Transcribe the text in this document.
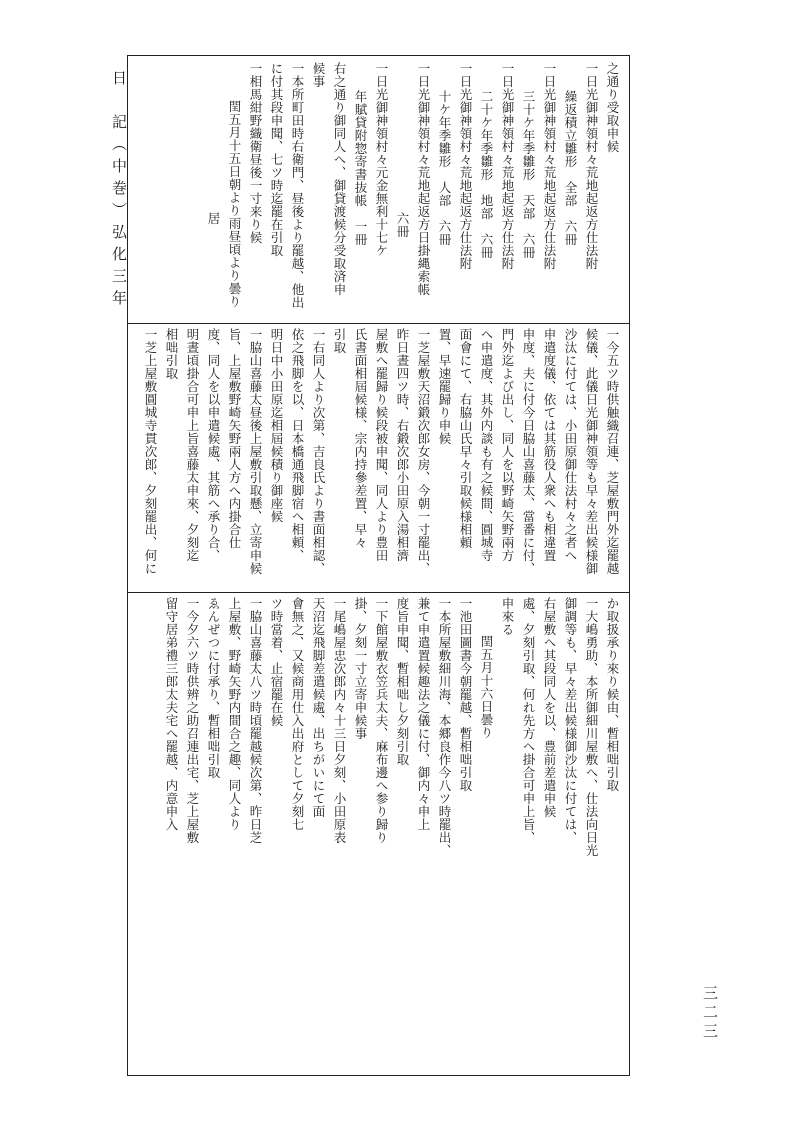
日　記（中巻）弘化三年
三二三
之通り受取申候
一日光御神領村々荒地起返方仕法附
繰返積立雛形　全部　六冊
一日光御神領村々荒地起返方仕法附
三十ケ年季雛形　天部　六冊
一日光御神領村々荒地起返方仕法附
二十ケ年季雛形　地部　六冊
一日光御神領村々荒地起返方仕法附
十ケ年季雛形　人部　六冊
一日光御神領村々荒地起返方日掛縄索帳
六冊
一日光御神領村々元金無利十七ケ
年賦貸附惣寄書抜帳　一冊
右之通り御同人へ、御貸渡候分受取済申
候事
一本所町田時右衛門、昼後より罷越、他出
に付其段申聞、七ツ時迄罷在引取
一相馬紺野織衛昼後一寸来り候
閏五月十五日朝より雨昼頃より曇り
居
一今五ツ時供触織召連、芝屋敷門外迄罷越
候儀、此儀日光御神領等も早々差出候様御
沙汰に付ては、小田原御仕法村々之者へ
申遣度儀、依ては其筋役人衆へも相違置
申度、夫に付今日脇山喜藤太、當番に付、
門外迄よび出し、同人を以野崎矢野兩方
へ申遣度、其外内談も有之候間、圓城寺
面會にて、右脇山氏早々引取候様相頼
置、早速罷歸り申候
一芝屋敷天沼鍛次郎女房、今朝一寸罷出、
昨日晝四ツ時、右鍛次郎小田原入湯相濟
屋敷へ罷歸り候段被申聞、同人より豊田
氏書面相屆候様、宗内持參差置、早々
引取
一右同人より次第、吉良氏より書面相認、
依之飛脚を以、日本橋通飛脚宿へ相頼、
明日中小田原迄相屆候積り御座候
一脇山喜藤太昼後上屋敷引取懸、立寄申候
旨、上屋敷野崎矢野兩人方へ内掛合仕
度、同人を以申遣候處、其筋へ承り合、
明晝頃掛合可申上旨喜藤太申來、夕刻迄
相咄引取
一芝上屋敷圓城寺貫次郎、夕刻罷出、何に
か取扱承り來り候由、暫相咄引取
一大嶋勇助、本所御細川屋敷へ、仕法向日光
御調等も、早々差出候様御沙汰に付ては、
右屋敷へ其段同人を以、豊前差遣申候
處、夕刻引取、何れ先方へ掛合可申上旨、
申來る
閏五月十六日曇り
一池田圖書今朝罷越、暫相咄引取
一本所屋敷細川海、本郷良作今八ツ時罷出、
兼て申遣置候趣法之儀に付、御内々申上
度旨申聞、暫相咄し夕刻引取
一下館屋敷衣笠兵太夫、麻布邊へ参り歸り
掛、夕刻一寸立寄申候事
一尾嶋屋忠次郎内々十三日夕刻、小田原表
天沼迄飛脚差遣候處、出ちがいにて面
會無之、又候商用仕入出府として夕刻七
ツ時當着、止宿罷在候
一脇山喜藤太八ツ時頃罷越候次第、昨日芝
上屋敷、野崎矢野内間合之趣、同人より
ゑんぜつに付承り、暫相咄引取
一今夕六ツ時供辨之助召連出宅、芝上屋敷
留守居弟禮三郎太夫宅へ罷越、内意申入
